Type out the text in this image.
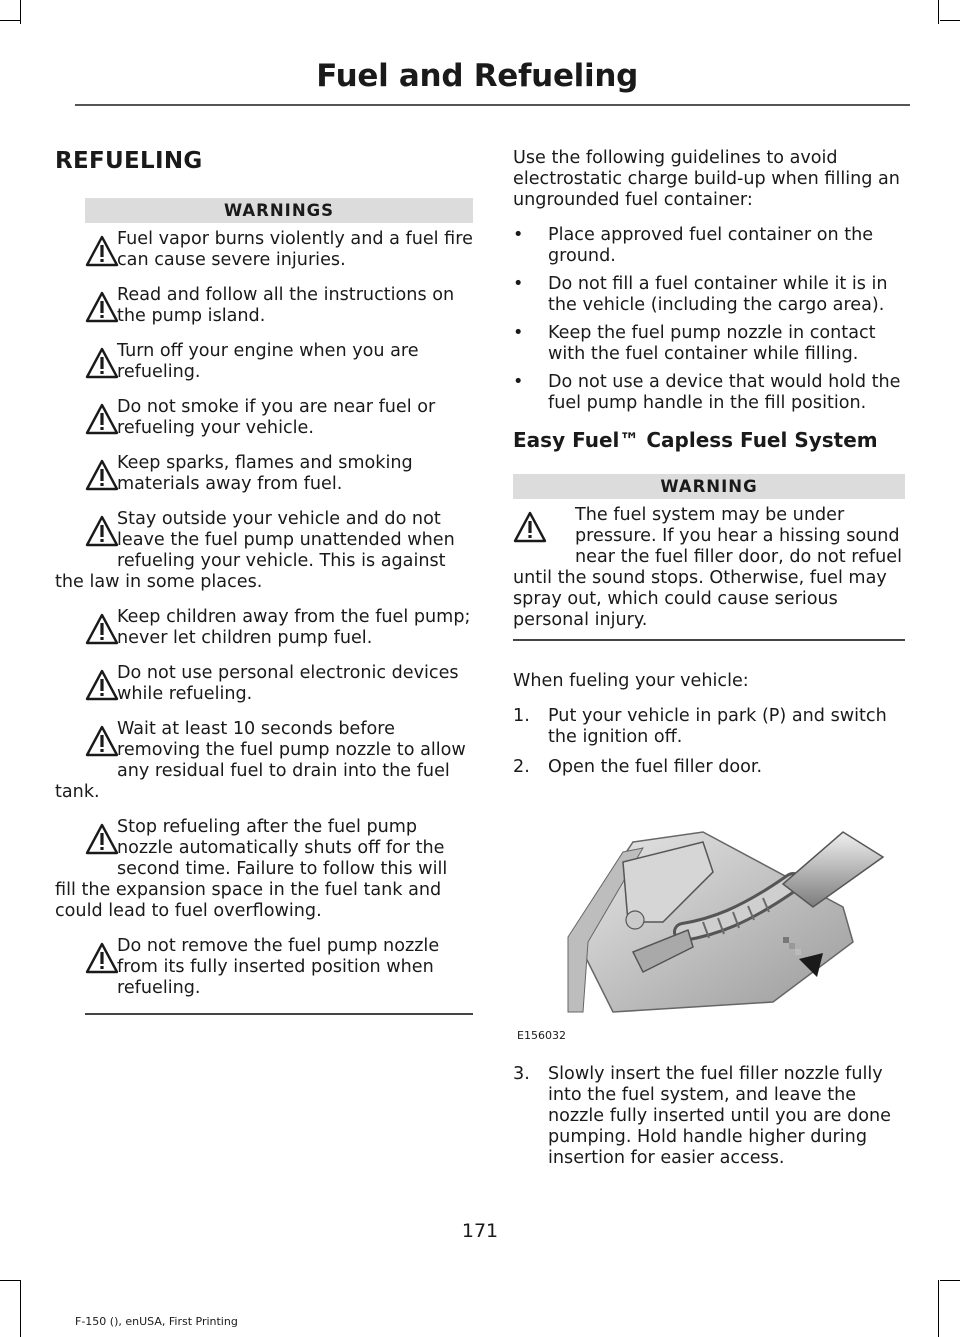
Fuel and Refueling
REFUELING
WARNINGS
Fuel vapor burns violently and a fuel fire can cause severe injuries.
Read and follow all the instructions on the pump island.
Turn off your engine when you are refueling.
Do not smoke if you are near fuel or refueling your vehicle.
Keep sparks, flames and smoking materials away from fuel.
Stay outside your vehicle and do not leave the fuel pump unattended when refueling your vehicle. This is against the law in some places.
Keep children away from the fuel pump; never let children pump fuel.
Do not use personal electronic devices while refueling.
Wait at least 10 seconds before removing the fuel pump nozzle to allow any residual fuel to drain into the fuel tank.
Stop refueling after the fuel pump nozzle automatically shuts off for the second time. Failure to follow this will fill the expansion space in the fuel tank and could lead to fuel overflowing.
Do not remove the fuel pump nozzle from its fully inserted position when refueling.

Use the following guidelines to avoid electrostatic charge build-up when filling an ungrounded fuel container:

• Place approved fuel container on the ground.
• Do not fill a fuel container while it is in the vehicle (including the cargo area).
• Keep the fuel pump nozzle in contact with the fuel container while filling.
• Do not use a device that would hold the fuel pump handle in the fill position.
Easy Fuel™ Capless Fuel System
WARNING
The fuel system may be under pressure. If you hear a hissing sound near the fuel filler door, do not refuel until the sound stops. Otherwise, fuel may spray out, which could cause serious personal injury.

When fueling your vehicle:

1. Put your vehicle in park (P) and switch the ignition off.
2. Open the fuel filler door.
E156032
3. Slowly insert the fuel filler nozzle fully into the fuel system, and leave the nozzle fully inserted until you are done pumping. Hold handle higher during insertion for easier access.
171
F-150 (), enUSA, First Printing
